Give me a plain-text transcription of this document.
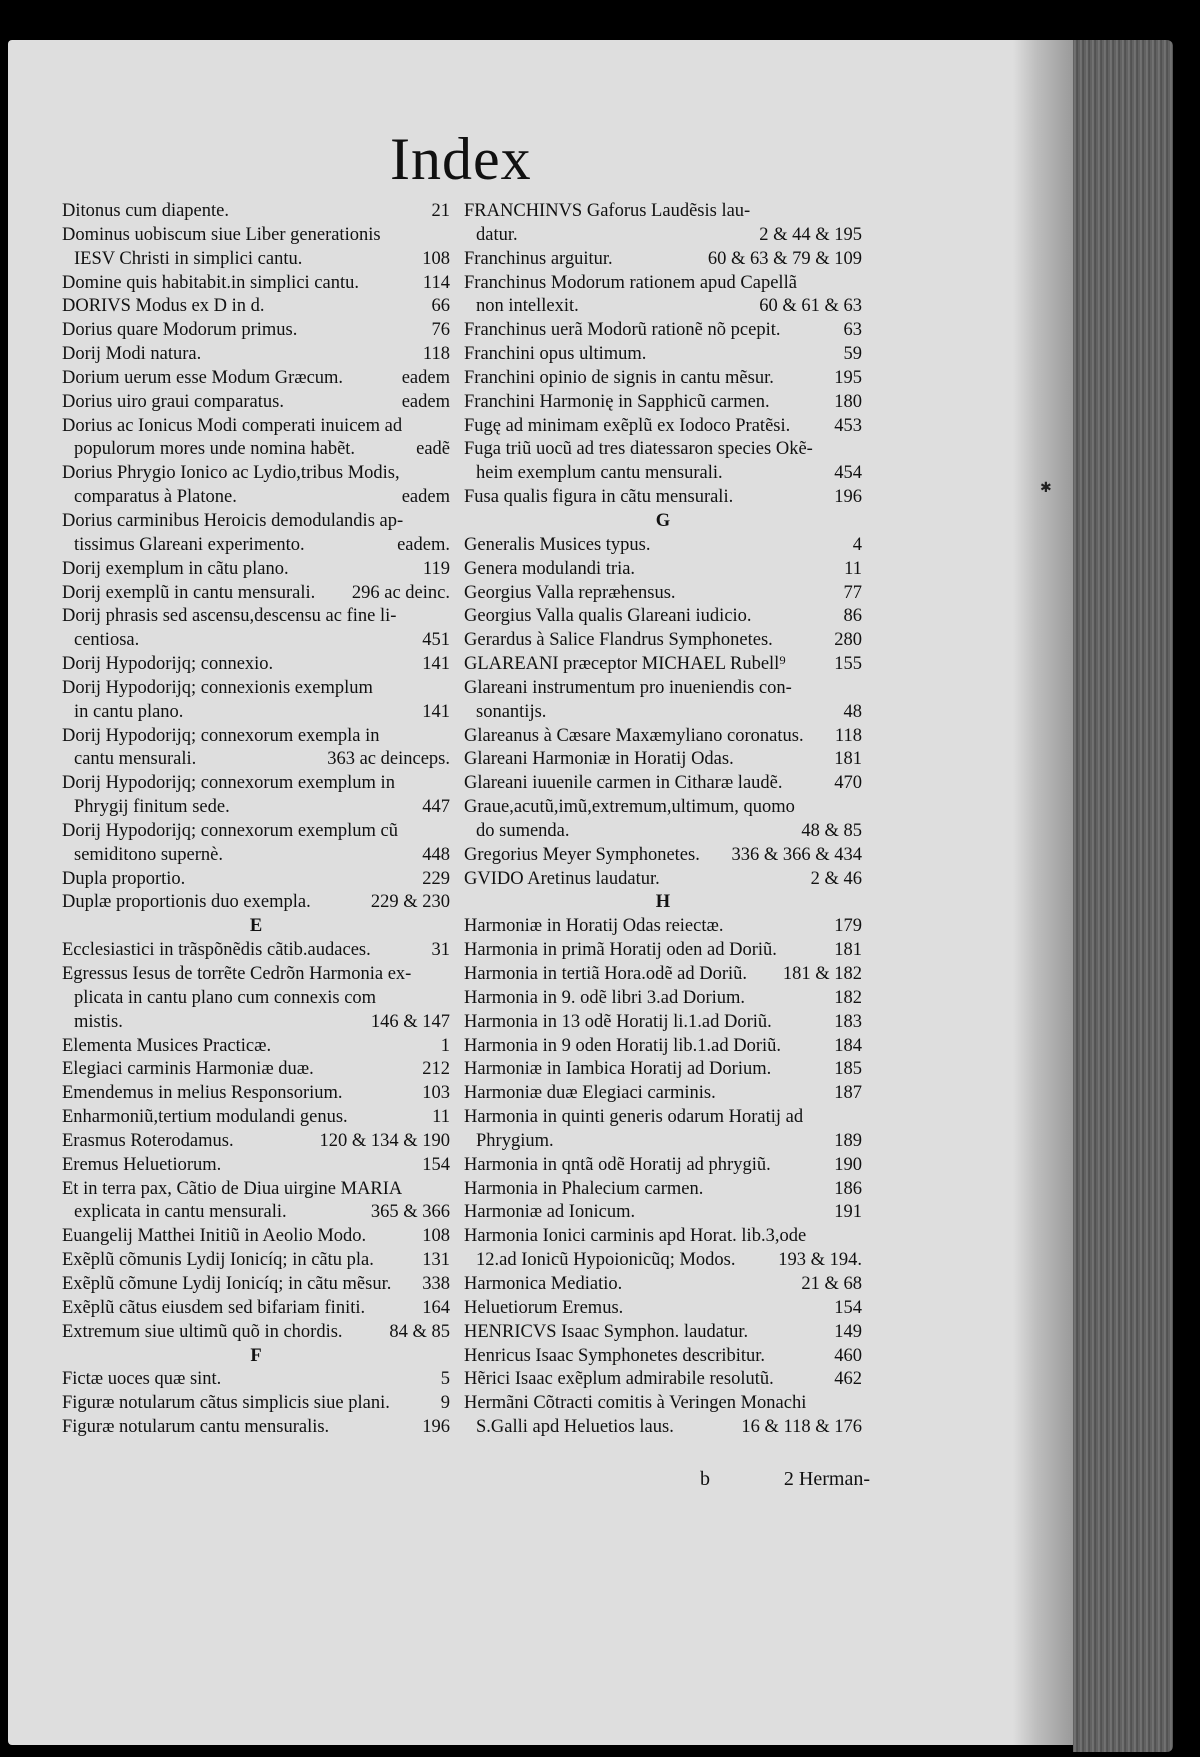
Index
Ditonus cum diapente.	21
Dominus uobiscum siue Liber generationis
IESV Christi in simplici cantu.	108
Domine quis habitabit.in simplici cantu.	114
DORIVS Modus ex D in d.	66
Dorius quare Modorum primus.	76
Dorij Modi natura.	118
Dorium uerum esse Modum Græcum.	eadem
Dorius uiro graui comparatus.	eadem
Dorius ac Ionicus Modi comperati inuicem ad
populorum mores unde nomina habẽt.	eadẽ
Dorius Phrygio Ionico ac Lydio,tribus Modis,
comparatus à Platone.	eadem
Dorius carminibus Heroicis demodulandis ap-
tissimus Glareani experimento.	eadem.
Dorij exemplum in cãtu plano.	119
Dorij exemplũ in cantu mensurali.	296 ac deinc.
Dorij phrasis sed ascensu,descensu ac fine li-
centiosa.	451
Dorij Hypodorijq; connexio.	141
Dorij Hypodorijq; connexionis exemplum
in cantu plano.	141
Dorij Hypodorijq; connexorum exempla in
cantu mensurali.	363 ac deinceps.
Dorij Hypodorijq; connexorum exemplum in
Phrygij finitum sede.	447
Dorij Hypodorijq; connexorum exemplum cũ
semiditono supernè.	448
Dupla proportio.	229
Duplæ proportionis duo exempla.	229 & 230
E
Ecclesiastici in trãspõnẽdis cãtib.audaces.	31
Egressus Iesus de torrẽte Cedrõn Harmonia ex-
plicata in cantu plano cum connexis com
mistis.	146 & 147
Elementa Musices Practicæ.	1
Elegiaci carminis Harmoniæ duæ.	212
Emendemus in melius Responsorium.	103
Enharmoniũ,tertium modulandi genus.	11
Erasmus Roterodamus.	120 & 134 & 190
Eremus Heluetiorum.	154
Et in terra pax, Cãtio de Diua uirgine MARIA
explicata in cantu mensurali.	365 & 366
Euangelij Matthei Initiũ in Aeolio Modo.	108
Exẽplũ cõmunis Lydij Ionicíq; in cãtu pla.	131
Exẽplũ cõmune Lydij Ionicíq; in cãtu mẽsur.	338
Exẽplũ cãtus eiusdem sed bifariam finiti.	164
Extremum siue ultimũ quõ in chordis.	84 & 85
F
Fictæ uoces quæ sint.	5
Figuræ notularum cãtus simplicis siue plani.	9
Figuræ notularum cantu mensuralis.	196
FRANCHINVS Gaforus Laudẽsis lau-
datur.	2 & 44 & 195
Franchinus arguitur.	60 & 63 & 79 & 109
Franchinus Modorum rationem apud Capellã
non intellexit.	60 & 61 & 63
Franchinus uerã Modorũ rationẽ nõ pcepit.	63
Franchini opus ultimum.	59
Franchini opinio de signis in cantu mẽsur.	195
Franchini Harmonię in Sapphicũ carmen.	180
Fugę ad minimam exẽplũ ex Iodoco Pratẽsi.	453
Fuga triũ uocũ ad tres diatessaron species Okẽ-
heim exemplum cantu mensurali.	454
Fusa qualis figura in cãtu mensurali.	196
G
Generalis Musices typus.	4
Genera modulandi tria.	11
Georgius Valla repræhensus.	77
Georgius Valla qualis Glareani iudicio.	86
Gerardus à Salice Flandrus Symphonetes.	280
GLAREANI præceptor MICHAEL Rubell⁹	155
Glareani instrumentum pro inueniendis con-
sonantijs.	48
Glareanus à Cæsare Maxæmyliano coronatus.	118
Glareani Harmoniæ in Horatij Odas.	181
Glareani iuuenile carmen in Citharæ laudẽ.	470
Graue,acutũ,imũ,extremum,ultimum, quomo
do sumenda.	48 & 85
Gregorius Meyer Symphonetes.	336 & 366 & 434
GVIDO Aretinus laudatur.	2 & 46
H
Harmoniæ in Horatij Odas reiectæ.	179
Harmonia in primã Horatij oden ad Doriũ.	181
Harmonia in tertiã Hora.odẽ ad Doriũ.	181 & 182
Harmonia in 9. odẽ libri 3.ad Dorium.	182
Harmonia in 13 odẽ Horatij li.1.ad Doriũ.	183
Harmonia in 9 oden Horatij lib.1.ad Doriũ.	184
Harmoniæ in Iambica Horatij ad Dorium.	185
Harmoniæ duæ Elegiaci carminis.	187
Harmonia in quinti generis odarum Horatij ad
Phrygium.	189
Harmonia in qntã odẽ Horatij ad phrygiũ.	190
Harmonia in Phalecium carmen.	186
Harmoniæ ad Ionicum.	191
Harmonia Ionici carminis apd Horat. lib.3,ode
12.ad Ionicũ Hypoionicũq; Modos.	193 & 194.
Harmonica Mediatio.	21 & 68
Heluetiorum Eremus.	154
HENRICVS Isaac Symphon. laudatur.	149
Henricus Isaac Symphonetes describitur.	460
Hẽrici Isaac exẽplum admirabile resolutũ.	462
Hermãni Cõtracti comitis à Veringen Monachi
S.Galli apd Heluetios laus.	16 & 118 & 176
✱
b	2 Herman-
